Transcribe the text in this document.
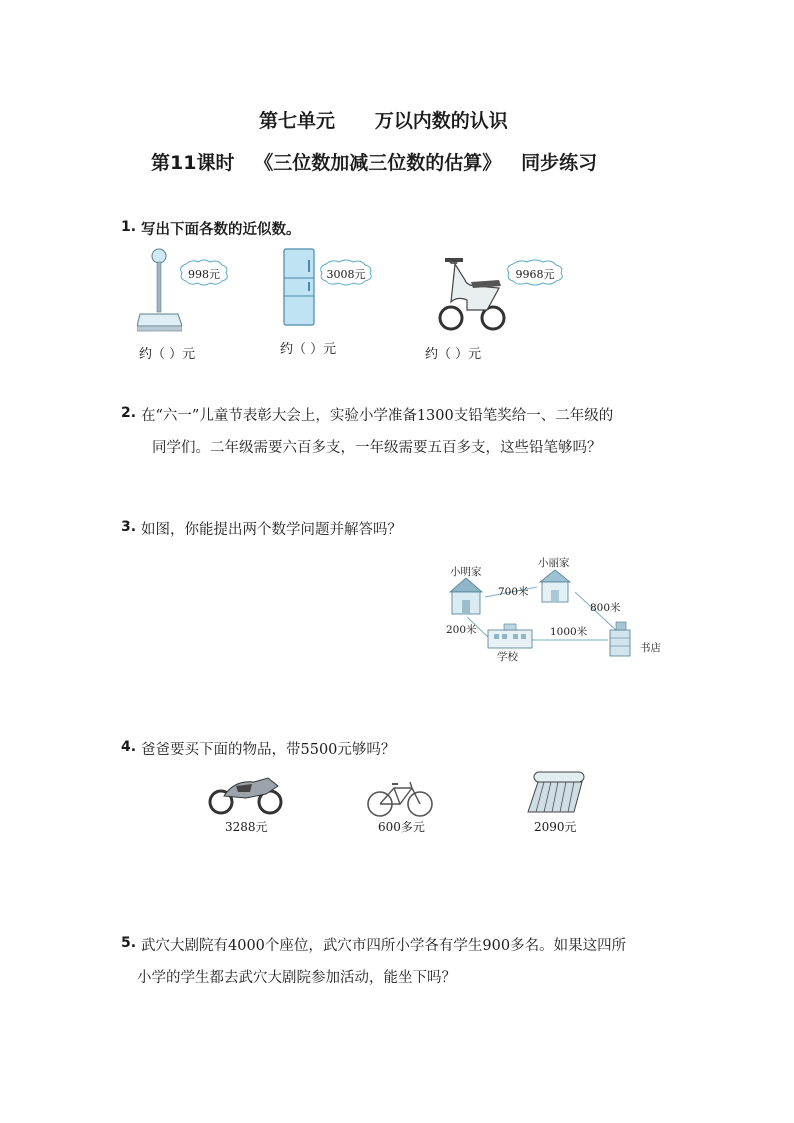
第七单元      万以内数的认识
第11课时   《三位数加减三位数的估算》   同步练习
1. 写出下面各数的近似数。
998元
约（ ）元
3008元
约（ ）元
9968元
约（ ）元
2. 在“六一”儿童节表彰大会上，实验小学准备1300支铅笔奖给一、二年级的
同学们。二年级需要六百多支，一年级需要五百多支，这些铅笔够吗？
3. 如图，你能提出两个数学问题并解答吗？
小明家
小丽家
学校
书店
700米
800米
200米	1000米
4. 爸爸要买下面的物品，带5500元够吗？
3288元	600多元	2090元
5. 武穴大剧院有4000个座位，武穴市四所小学各有学生900多名。如果这四所
小学的学生都去武穴大剧院参加活动，能坐下吗？
